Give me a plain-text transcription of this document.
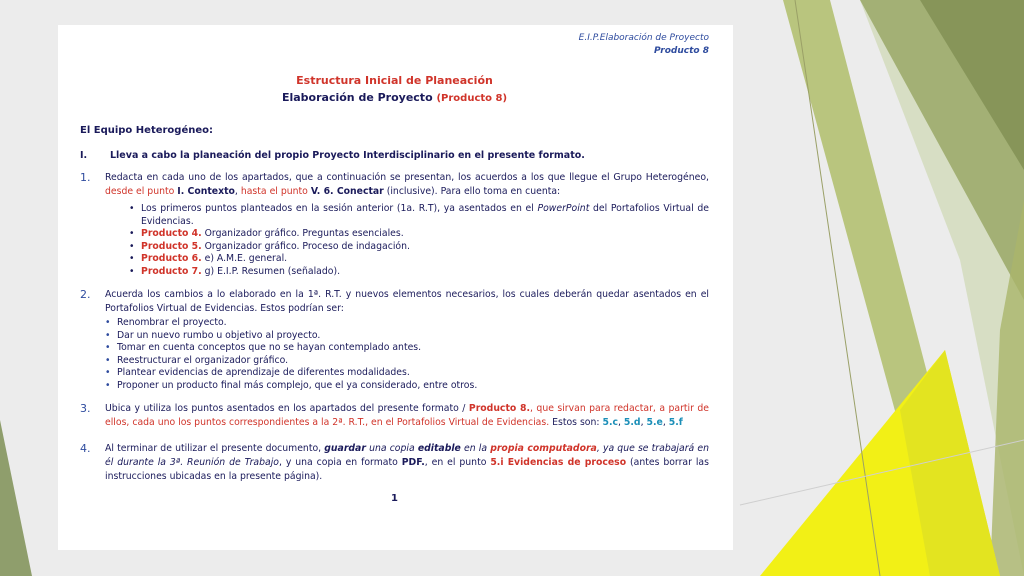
E.I.P.Elaboración de Proyecto
Producto 8
Estructura Inicial de Planeación
Elaboración de Proyecto (Producto 8)
El Equipo Heterogéneo:
I.	Lleva a cabo la planeación del propio Proyecto Interdisciplinario en el presente formato.
1.	Redacta en cada uno de los apartados, que a continuación se presentan, los acuerdos a los que llegue el Grupo Heterogéneo, desde el punto I. Contexto, hasta el punto V. 6. Conectar (inclusive). Para ello toma en cuenta:
• Los primeros puntos planteados en la sesión anterior (1a. R.T), ya asentados en el PowerPoint del Portafolios Virtual de Evidencias.
• Producto 4. Organizador gráfico. Preguntas esenciales.
• Producto 5. Organizador gráfico. Proceso de indagación.
• Producto 6. e) A.M.E. general.
• Producto 7. g) E.I.P. Resumen (señalado).
2.	Acuerda los cambios a lo elaborado en la 1ª. R.T. y nuevos elementos necesarios, los cuales deberán quedar asentados en el Portafolios Virtual de Evidencias. Estos podrían ser:
• Renombrar el proyecto.
• Dar un nuevo rumbo u objetivo al proyecto.
• Tomar en cuenta conceptos que no se hayan contemplado antes.
• Reestructurar el organizador gráfico.
• Plantear evidencias de aprendizaje de diferentes modalidades.
• Proponer un producto final más complejo, que el ya considerado, entre otros.
3.	Ubica y utiliza los puntos asentados en los apartados del presente formato / Producto 8., que sirvan para redactar, a partir de ellos, cada uno los puntos correspondientes a la 2ª. R.T., en el Portafolios Virtual de Evidencias. Estos son: 5.c, 5.d, 5.e, 5.f
4.	Al terminar de utilizar el presente documento, guardar una copia editable en la propia computadora, ya que se trabajará en él durante la 3ª. Reunión de Trabajo, y una copia en formato PDF., en el punto 5.i Evidencias de proceso (antes borrar las instrucciones ubicadas en la presente página).
1
